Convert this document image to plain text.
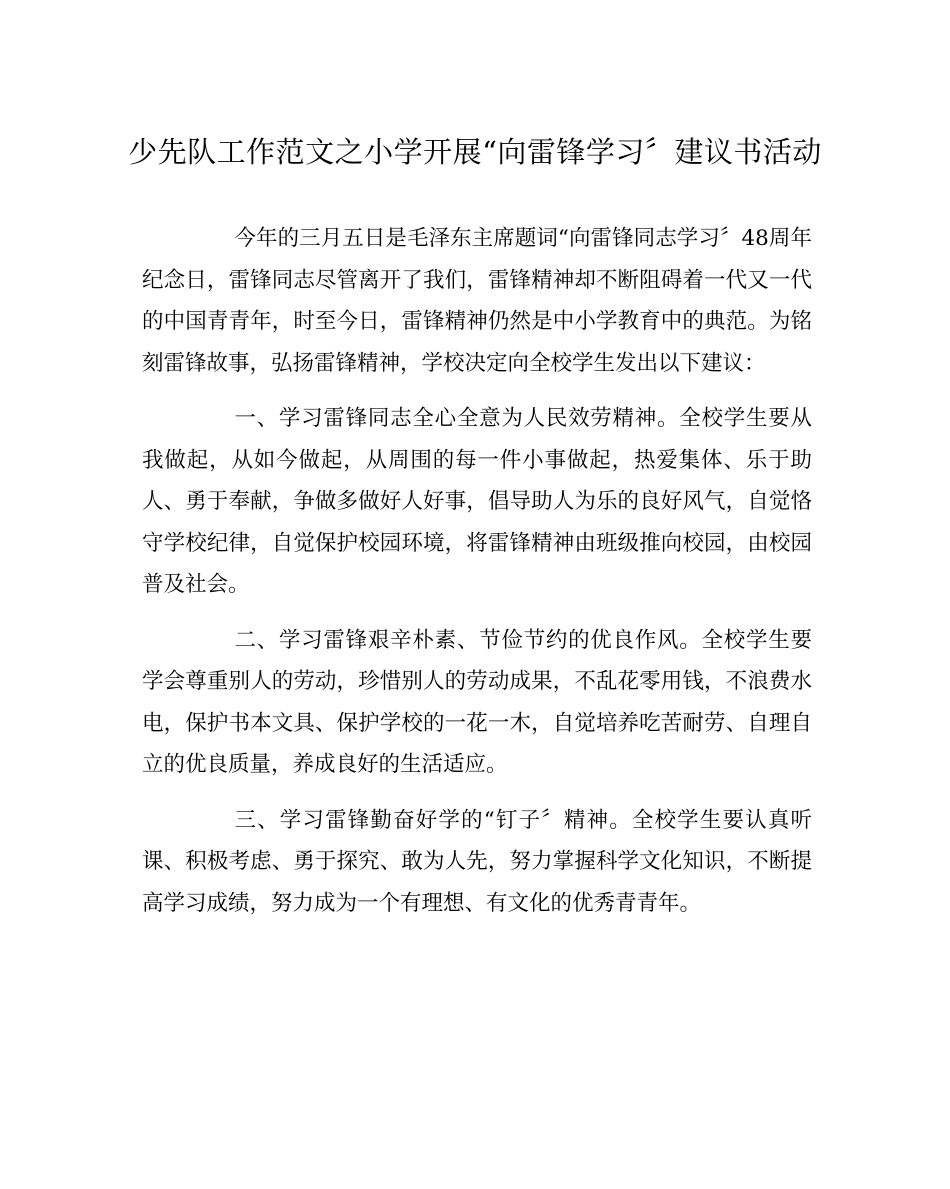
少先队工作范文之小学开展“向雷锋学习〞建议书活动

今年的三月五日是毛泽东主席题词“向雷锋同志学习〞48周年纪念日，雷锋同志尽管离开了我们，雷锋精神却不断阻碍着一代又一代的中国青青年，时至今日，雷锋精神仍然是中小学教育中的典范。为铭刻雷锋故事，弘扬雷锋精神，学校决定向全校学生发出以下建议：

一、学习雷锋同志全心全意为人民效劳精神。全校学生要从我做起，从如今做起，从周围的每一件小事做起，热爱集体、乐于助人、勇于奉献，争做多做好人好事，倡导助人为乐的良好风气，自觉恪守学校纪律，自觉保护校园环境，将雷锋精神由班级推向校园，由校园普及社会。

二、学习雷锋艰辛朴素、节俭节约的优良作风。全校学生要学会尊重别人的劳动，珍惜别人的劳动成果，不乱花零用钱，不浪费水电，保护书本文具、保护学校的一花一木，自觉培养吃苦耐劳、自理自立的优良质量，养成良好的生活适应。

三、学习雷锋勤奋好学的“钉子〞精神。全校学生要认真听课、积极考虑、勇于探究、敢为人先，努力掌握科学文化知识，不断提高学习成绩，努力成为一个有理想、有文化的优秀青青年。
